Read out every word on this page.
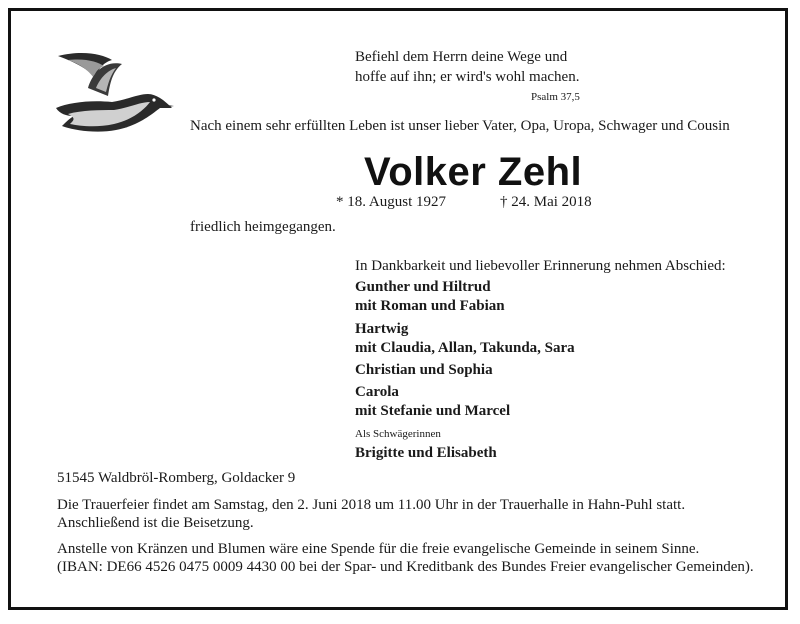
Befiehl dem Herrn deine Wege und
hoffe auf ihn; er wird's wohl machen.
Psalm 37,5
Nach einem sehr erfüllten Leben ist unser lieber Vater, Opa, Uropa, Schwager und Cousin
Volker Zehl
* 18. August 1927	† 24. Mai 2018
friedlich heimgegangen.
In Dankbarkeit und liebevoller Erinnerung nehmen Abschied:
Gunther und Hiltrud
mit Roman und Fabian
Hartwig
mit Claudia, Allan, Takunda, Sara
Christian und Sophia
Carola
mit Stefanie und Marcel
Als Schwägerinnen
Brigitte und Elisabeth
51545 Waldbröl-Romberg, Goldacker 9
Die Trauerfeier findet am Samstag, den 2. Juni 2018 um 11.00 Uhr in der Trauerhalle in Hahn-Puhl statt.
Anschließend ist die Beisetzung.
Anstelle von Kränzen und Blumen wäre eine Spende für die freie evangelische Gemeinde in seinem Sinne.
(IBAN: DE66 4526 0475 0009 4430 00 bei der Spar- und Kreditbank des Bundes Freier evangelischer Gemeinden).
